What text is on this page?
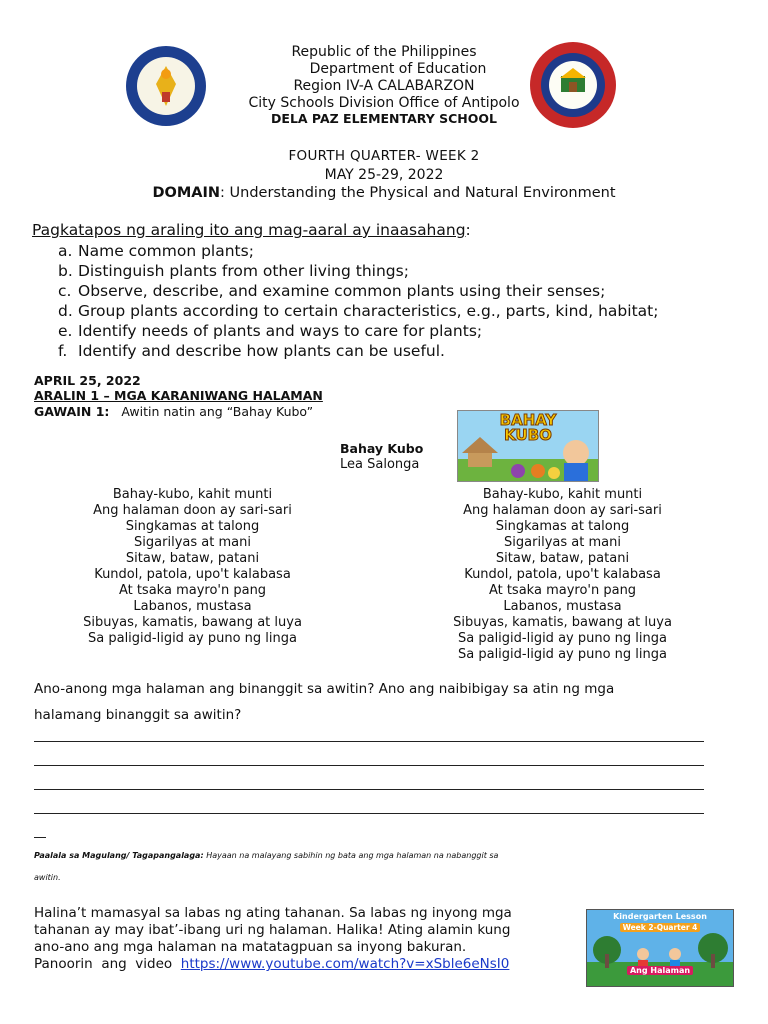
Republic of the Philippines
Department of Education
Region IV-A CALABARZON
City Schools Division Office of Antipolo
DELA PAZ ELEMENTARY SCHOOL
FOURTH QUARTER- WEEK 2
MAY 25-29, 2022
DOMAIN: Understanding the Physical and Natural Environment
Pagkatapos ng araling ito ang mag-aaral ay inaasahang:
a. Name common plants;
b. Distinguish plants from other living things;
c. Observe, describe, and examine common plants using their senses;
d. Group plants according to certain characteristics, e.g., parts, kind, habitat;
e. Identify needs of plants and ways to care for plants;
f. Identify and describe how plants can be useful.
APRIL 25, 2022
ARALIN 1 – MGA KARANIWANG HALAMAN
GAWAIN 1: Awitin natin ang “Bahay Kubo”
Bahay Kubo
Lea Salonga
BAHAY KUBO
Bahay-kubo, kahit munti
Ang halaman doon ay sari-sari
Singkamas at talong
Sigarilyas at mani
Sitaw, bataw, patani
Kundol, patola, upo't kalabasa
At tsaka mayro'n pang
Labanos, mustasa
Sibuyas, kamatis, bawang at luya
Sa paligid-ligid ay puno ng linga
Bahay-kubo, kahit munti
Ang halaman doon ay sari-sari
Singkamas at talong
Sigarilyas at mani
Sitaw, bataw, patani
Kundol, patola, upo't kalabasa
At tsaka mayro'n pang
Labanos, mustasa
Sibuyas, kamatis, bawang at luya
Sa paligid-ligid ay puno ng linga
Sa paligid-ligid ay puno ng linga
Ano-anong mga halaman ang binanggit sa awitin? Ano ang naibibigay sa atin ng mga
halamang binanggit sa awitin?
Paalala sa Magulang/ Tagapangalaga: Hayaan na malayang sabihin ng bata ang mga halaman na nabanggit sa
awitin.
Halina’t mamasyal sa labas ng ating tahanan. Sa labas ng inyong mga
tahanan ay may ibat’-ibang uri ng halaman. Halika! Ating alamin kung
ano-ano ang mga halaman na matatagpuan sa inyong bakuran.
Panoorin  ang  video  https://www.youtube.com/watch?v=xSble6eNsI0
Kindergarten Lesson
Week 2-Quarter 4
Ang Halaman
